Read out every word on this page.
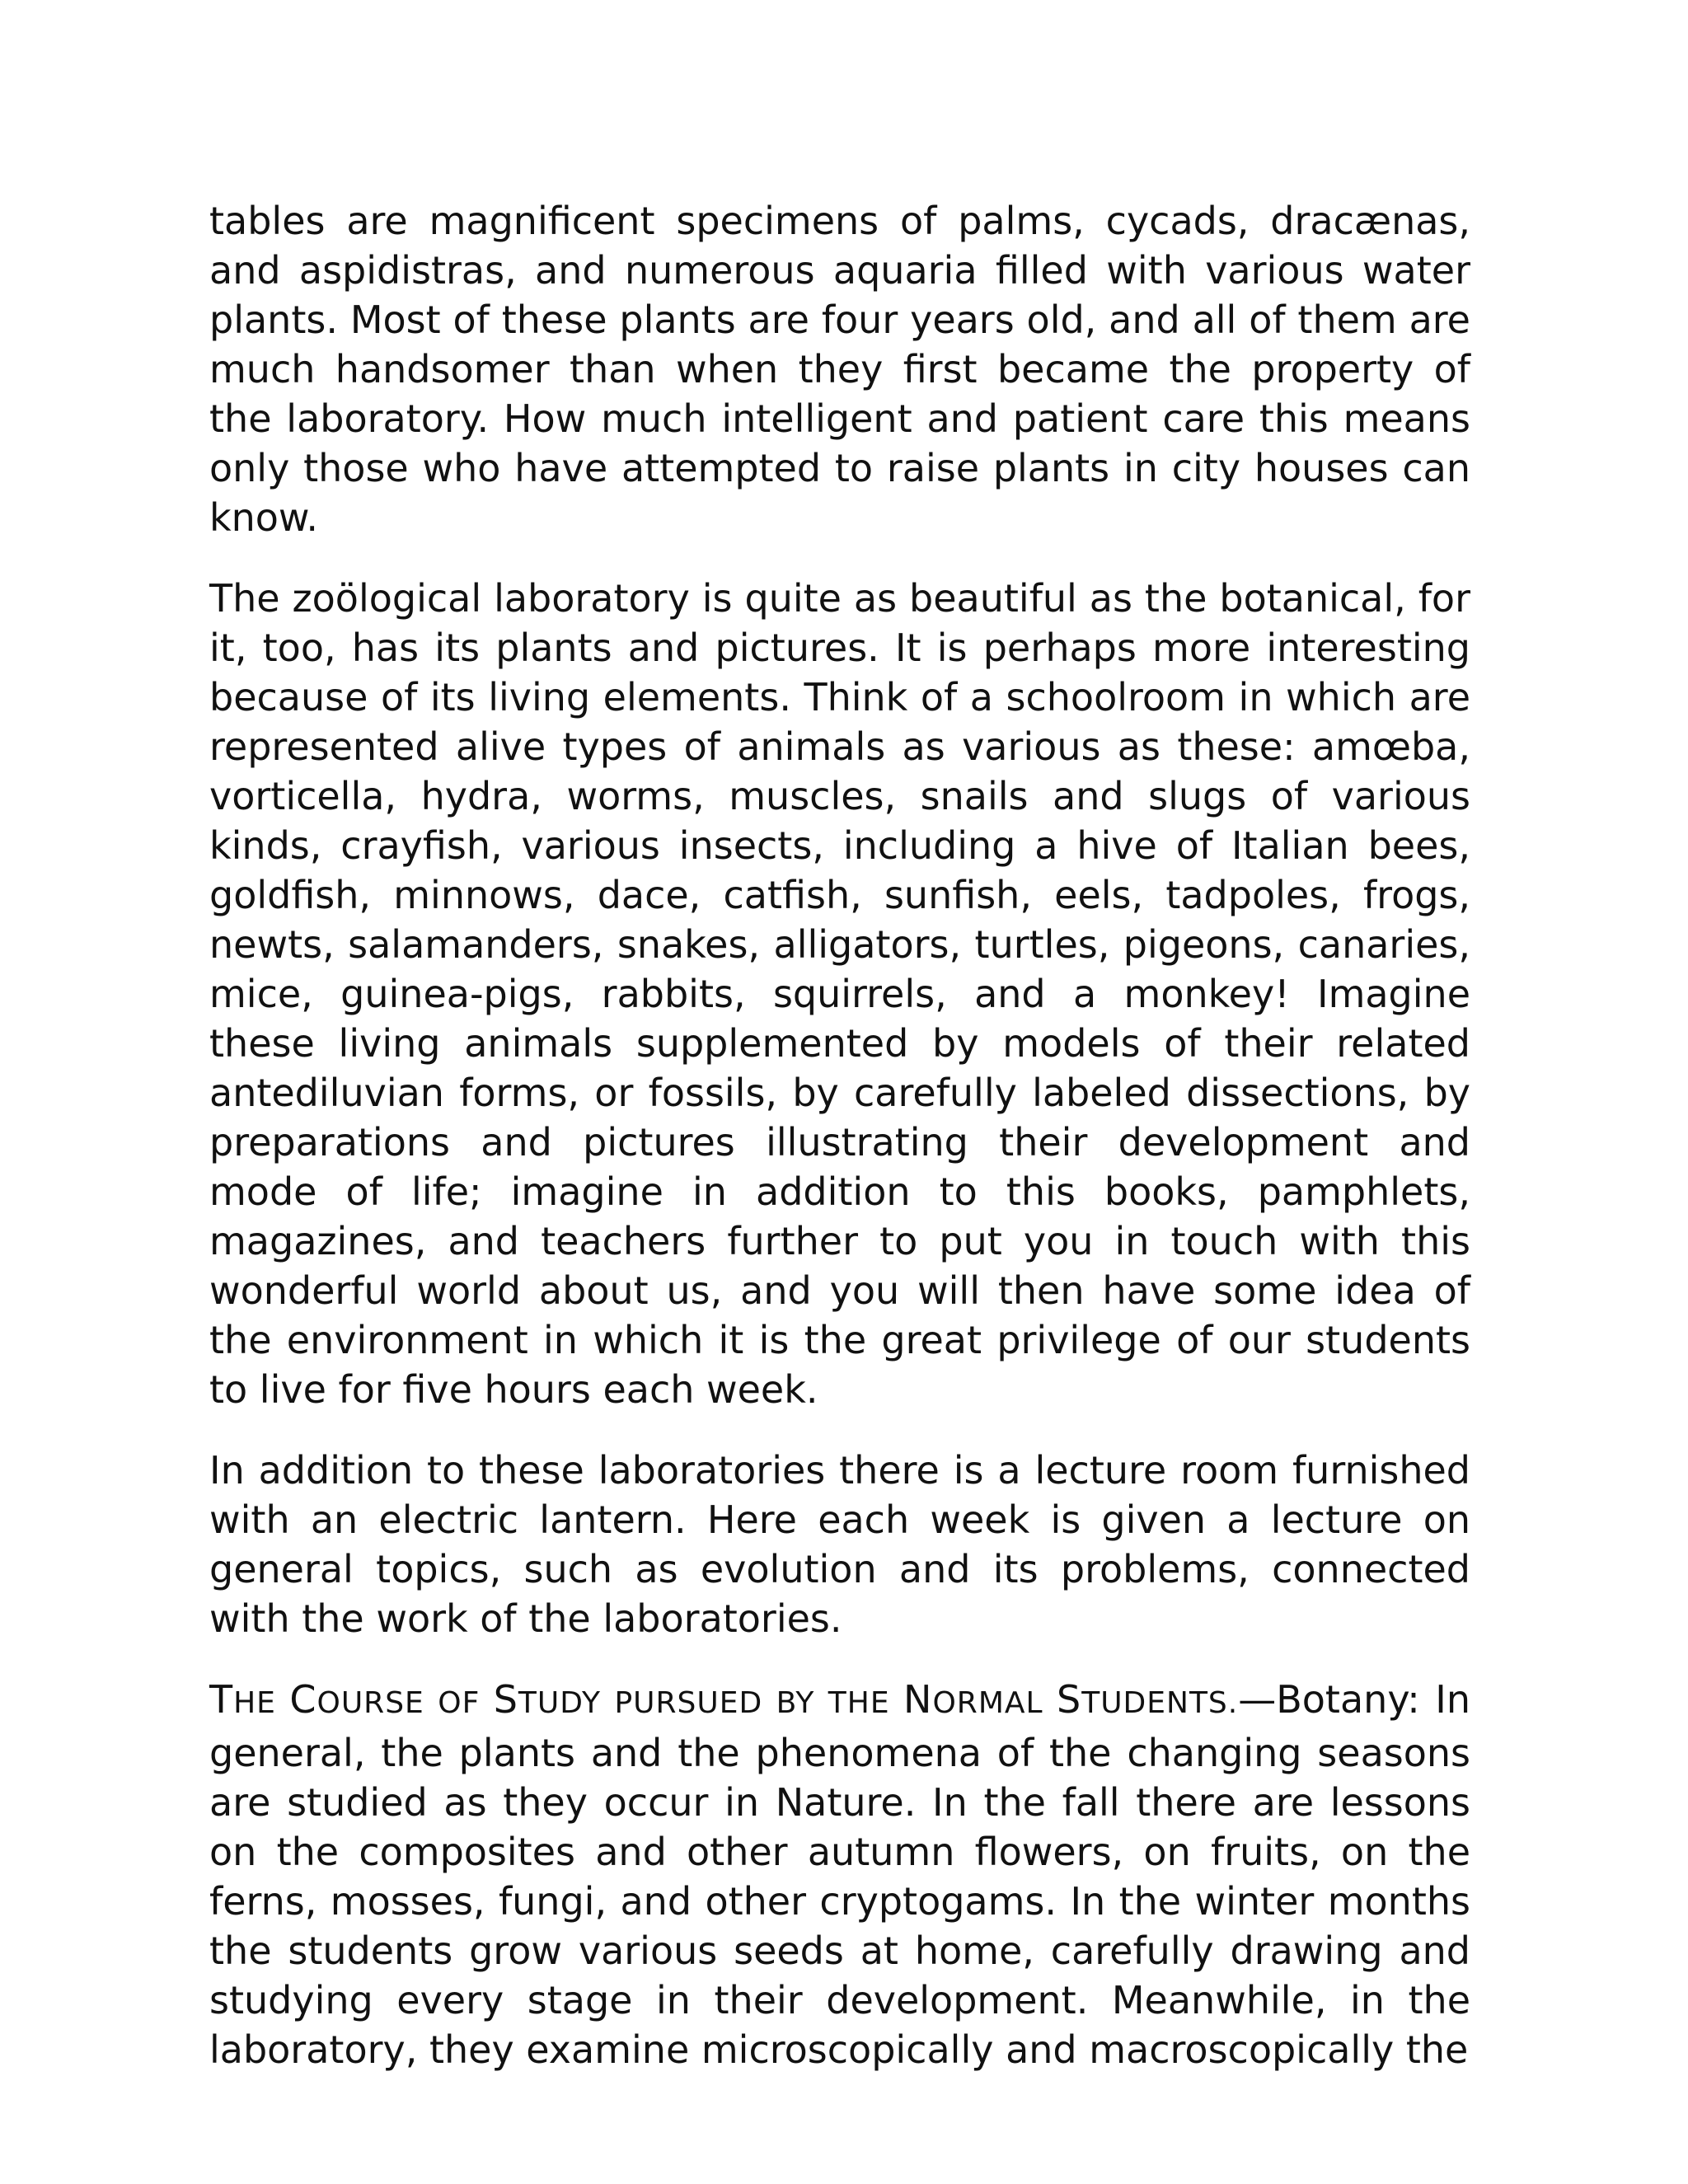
tables are magnificent specimens of palms, cycads, dracænas, and aspidistras, and numerous aquaria filled with various water plants. Most of these plants are four years old, and all of them are much handsomer than when they first became the property of the laboratory. How much intelligent and patient care this means only those who have attempted to raise plants in city houses can know.

The zoölogical laboratory is quite as beautiful as the botanical, for it, too, has its plants and pictures. It is perhaps more interesting because of its living elements. Think of a schoolroom in which are represented alive types of animals as various as these: amœba, vorticella, hydra, worms, muscles, snails and slugs of various kinds, crayfish, various insects, including a hive of Italian bees, goldfish, minnows, dace, catfish, sunfish, eels, tadpoles, frogs, newts, salamanders, snakes, alligators, turtles, pigeons, canaries, mice, guinea-pigs, rabbits, squirrels, and a monkey! Imagine these living animals supplemented by models of their related antediluvian forms, or fossils, by carefully labeled dissections, by preparations and pictures illustrating their development and mode of life; imagine in addition to this books, pamphlets, magazines, and teachers further to put you in touch with this wonderful world about us, and you will then have some idea of the environment in which it is the great privilege of our students to live for five hours each week.

In addition to these laboratories there is a lecture room furnished with an electric lantern. Here each week is given a lecture on general topics, such as evolution and its problems, connected with the work of the laboratories.

THE COURSE OF STUDY PURSUED BY THE NORMAL STUDENTS.—Botany: In general, the plants and the phenomena of the changing seasons are studied as they occur in Nature. In the fall there are lessons on the composites and other autumn flowers, on fruits, on the ferns, mosses, fungi, and other cryptogams. In the winter months the students grow various seeds at home, carefully drawing and studying every stage in their development. Meanwhile, in the laboratory, they examine microscopically and macroscopically the
